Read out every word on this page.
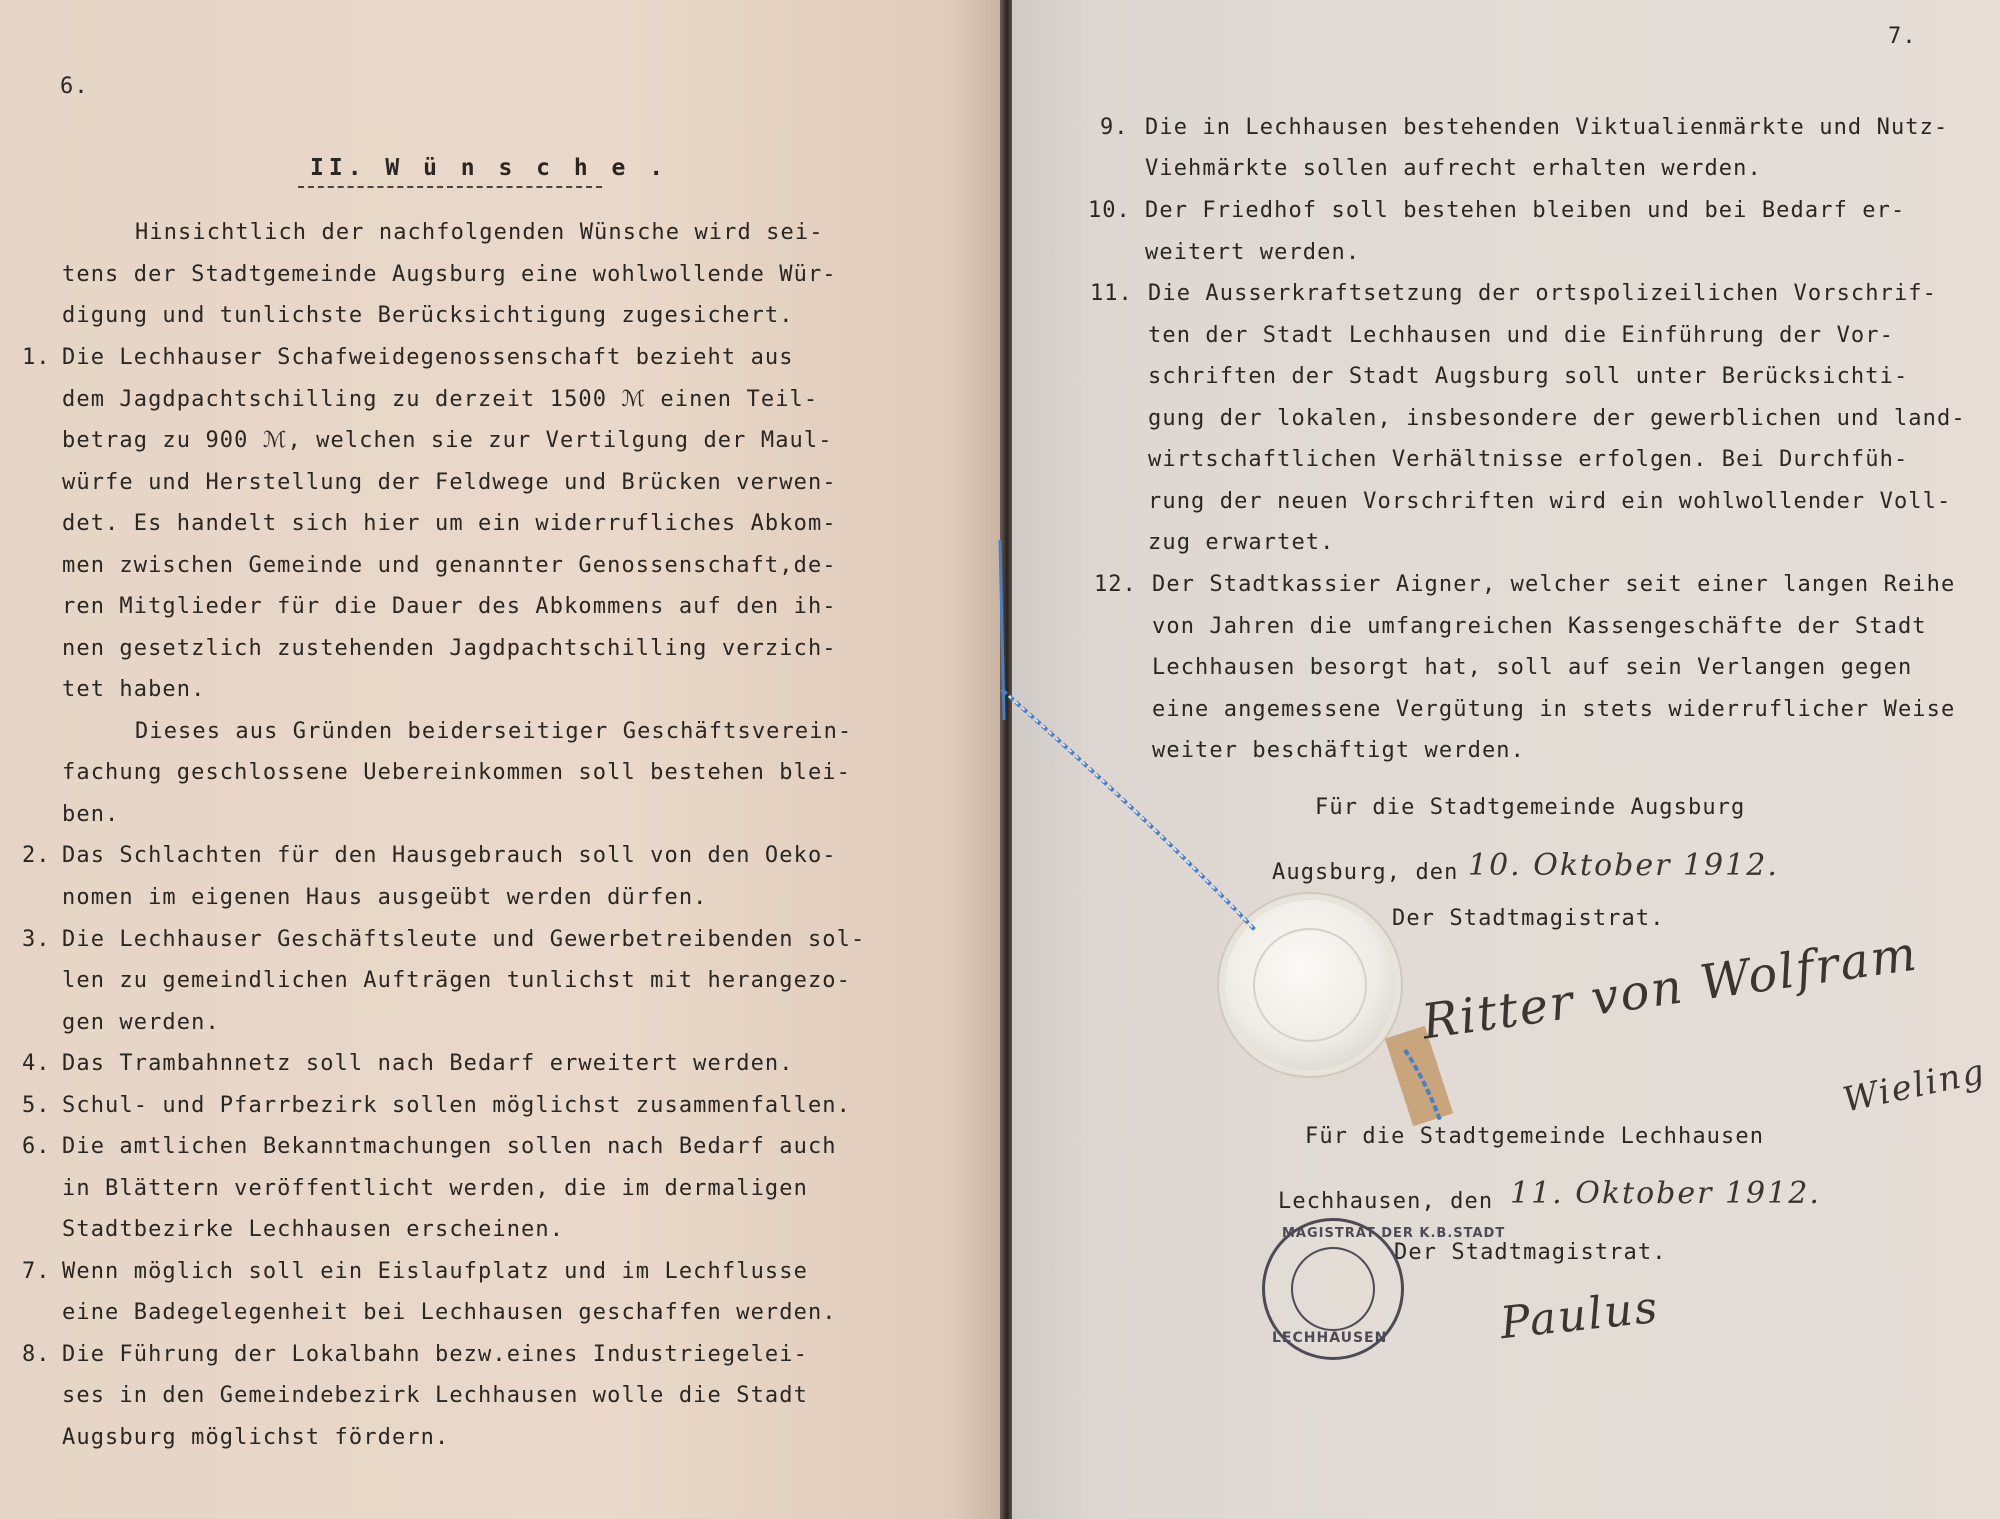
6.
II. W ü n s c h e .
Hinsichtlich der nachfolgenden Wünsche wird sei-
tens der Stadtgemeinde Augsburg eine wohlwollende Wür-
digung und tunlichste Berücksichtigung zugesichert.
1. Die Lechhauser Schafweidegenossenschaft bezieht aus
dem Jagdpachtschilling zu derzeit 1500 ℳ einen Teil-
betrag zu 900 ℳ, welchen sie zur Vertilgung der Maul-
würfe und Herstellung der Feldwege und Brücken verwen-
det. Es handelt sich hier um ein widerrufliches Abkom-
men zwischen Gemeinde und genannter Genossenschaft,de-
ren Mitglieder für die Dauer des Abkommens auf den ih-
nen gesetzlich zustehenden Jagdpachtschilling verzich-
tet haben.
Dieses aus Gründen beiderseitiger Geschäftsverein-
fachung geschlossene Uebereinkommen soll bestehen blei-
ben.
2. Das Schlachten für den Hausgebrauch soll von den Oeko-
nomen im eigenen Haus ausgeübt werden dürfen.
3. Die Lechhauser Geschäftsleute und Gewerbetreibenden sol-
len zu gemeindlichen Aufträgen tunlichst mit herangezo-
gen werden.
4. Das Trambahnnetz soll nach Bedarf erweitert werden.
5. Schul- und Pfarrbezirk sollen möglichst zusammenfallen.
6. Die amtlichen Bekanntmachungen sollen nach Bedarf auch
in Blättern veröffentlicht werden, die im dermaligen
Stadtbezirke Lechhausen erscheinen.
7. Wenn möglich soll ein Eislaufplatz und im Lechflusse
eine Badegelegenheit bei Lechhausen geschaffen werden.
8. Die Führung der Lokalbahn bezw.eines Industriegelei-
ses in den Gemeindebezirk Lechhausen wolle die Stadt
Augsburg möglichst fördern.
7.
9. Die in Lechhausen bestehenden Viktualienmärkte und Nutz-
Viehmärkte sollen aufrecht erhalten werden.
10. Der Friedhof soll bestehen bleiben und bei Bedarf er-
weitert werden.
11. Die Ausserkraftsetzung der ortspolizeilichen Vorschrif-
ten der Stadt Lechhausen und die Einführung der Vor-
schriften der Stadt Augsburg soll unter Berücksichti-
gung der lokalen, insbesondere der gewerblichen und land-
wirtschaftlichen Verhältnisse erfolgen. Bei Durchfüh-
rung der neuen Vorschriften wird ein wohlwollender Voll-
zug erwartet.
12. Der Stadtkassier Aigner, welcher seit einer langen Reihe
von Jahren die umfangreichen Kassengeschäfte der Stadt
Lechhausen besorgt hat, soll auf sein Verlangen gegen
eine angemessene Vergütung in stets widerruflicher Weise
weiter beschäftigt werden.
Für die Stadtgemeinde Augsburg
Augsburg, den 10. Oktober 1912.
Der Stadtmagistrat.
Ritter von Wolfram
Wieling
Für die Stadtgemeinde Lechhausen
Lechhausen, den 11. Oktober 1912.
Der Stadtmagistrat.
MAGISTRAT DER K.B.STADT
LECHHAUSEN	Paulus
